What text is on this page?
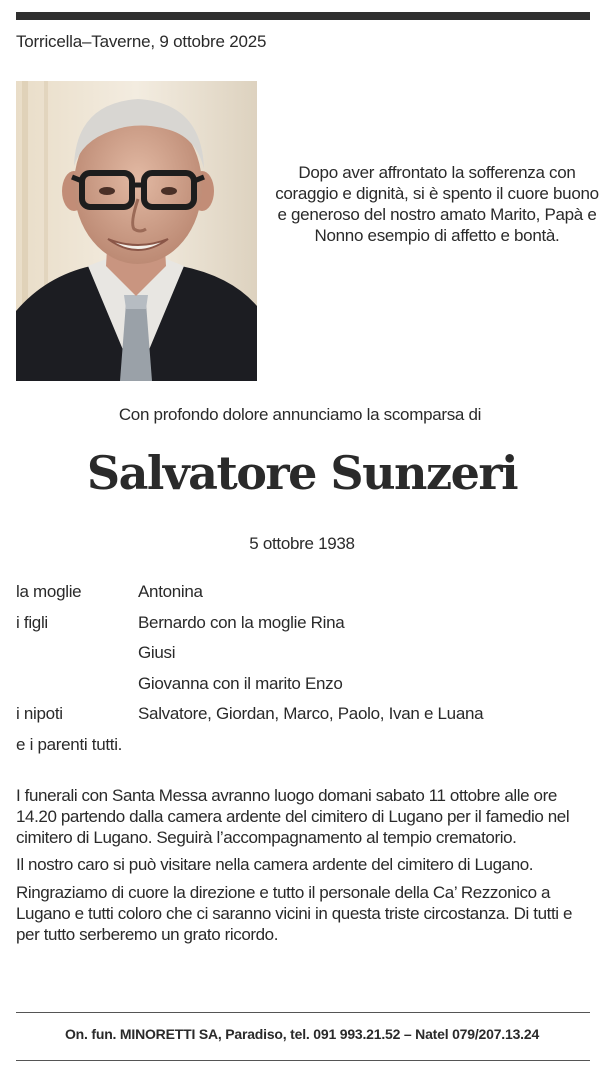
Torricella–Taverne, 9 ottobre 2025
Dopo aver affrontato la sofferenza con coraggio e dignità, si è spento il cuore buono e generoso del nostro amato Marito, Papà e Nonno esempio di affetto e bontà.
Con profondo dolore annunciamo la scomparsa di
Salvatore Sunzeri
5 ottobre 1938
la moglie	Antonina
i figli	Bernardo con la moglie Rina
Giusi
Giovanna con il marito Enzo
i nipoti	Salvatore, Giordan, Marco, Paolo, Ivan e Luana
e i parenti tutti.

I funerali con Santa Messa avranno luogo domani sabato 11 ottobre alle ore 14.20 partendo dalla camera ardente del cimitero di Lugano per il famedio nel cimitero di Lugano. Seguirà l’accompagnamento al tempio crematorio.

Il nostro caro si può visitare nella camera ardente del cimitero di Lugano.

Ringraziamo di cuore la direzione e tutto il personale della Ca’ Rezzonico a Lugano e tutti coloro che ci saranno vicini in questa triste circostanza. Di tutti e per tutto serberemo un grato ricordo.

On. fun. MINORETTI SA, Paradiso, tel. 091 993.21.52 – Natel 079/207.13.24
